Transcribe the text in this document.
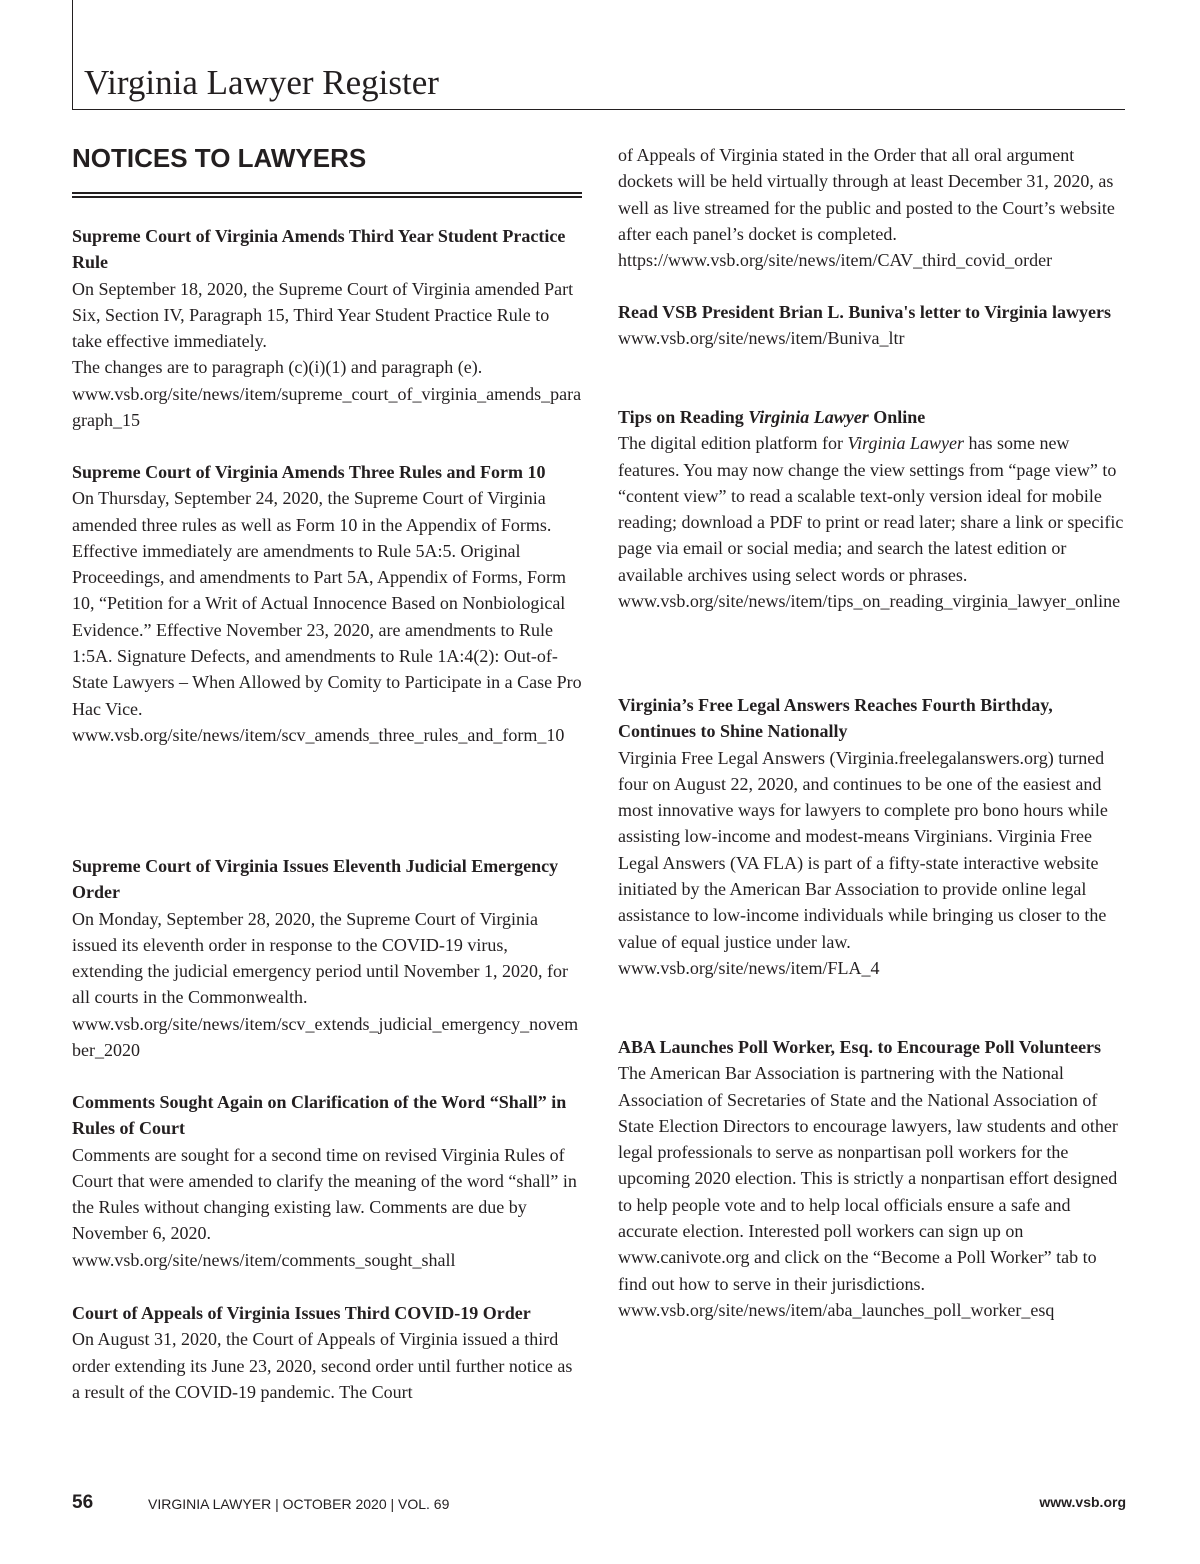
Virginia Lawyer Register
NOTICES TO LAWYERS
Supreme Court of Virginia Amends Third Year Student Practice Rule

On September 18, 2020, the Supreme Court of Virginia amended Part Six, Section IV, Paragraph 15, Third Year Student Practice Rule to take effective immediately.

The changes are to paragraph (c)(i)(1) and paragraph (e).

www.vsb.org/site/news/item/supreme_court_of_virginia_amends_paragraph_15
Supreme Court of Virginia Amends Three Rules and Form 10

On Thursday, September 24, 2020, the Supreme Court of Virginia amended three rules as well as Form 10 in the Appendix of Forms.

Effective immediately are amendments to Rule 5A:5. Original Proceedings, and amendments to Part 5A, Appendix of Forms, Form 10, “Petition for a Writ of Actual Innocence Based on Nonbiological Evidence.” Effective November 23, 2020, are amendments to Rule 1:5A. Signature Defects, and amendments to Rule 1A:4(2): Out-of-State Lawyers – When Allowed by Comity to Participate in a Case Pro Hac Vice.

www.vsb.org/site/news/item/scv_amends_three_rules_and_form_10
Supreme Court of Virginia Issues Eleventh Judicial Emergency Order

On Monday, September 28, 2020, the Supreme Court of Virginia issued its eleventh order in response to the COVID-19 virus, extending the judicial emergency period until November 1, 2020, for all courts in the Commonwealth.

www.vsb.org/site/news/item/scv_extends_judicial_emergency_november_2020
Comments Sought Again on Clarification of the Word “Shall” in Rules of Court

Comments are sought for a second time on revised Virginia Rules of Court that were amended to clarify the meaning of the word “shall” in the Rules without changing existing law. Comments are due by November 6, 2020.

www.vsb.org/site/news/item/comments_sought_shall
Court of Appeals of Virginia Issues Third COVID-19 Order

On August 31, 2020, the Court of Appeals of Virginia issued a third order extending its June 23, 2020, second order until further notice as a result of the COVID-19 pandemic. The Court

of Appeals of Virginia stated in the Order that all oral argument dockets will be held virtually through at least December 31, 2020, as well as live streamed for the public and posted to the Court’s website after each panel’s docket is completed.

https://www.vsb.org/site/news/item/CAV_third_covid_order
Read VSB President Brian L. Buniva's letter to Virginia lawyers
www.vsb.org/site/news/item/Buniva_ltr
Tips on Reading Virginia Lawyer Online

The digital edition platform for Virginia Lawyer has some new features. You may now change the view settings from “page view” to “content view” to read a scalable text-only version ideal for mobile reading; download a PDF to print or read later; share a link or specific page via email or social media; and search the latest edition or available archives using select words or phrases.

www.vsb.org/site/news/item/tips_on_reading_virginia_lawyer_online
Virginia’s Free Legal Answers Reaches Fourth Birthday, Continues to Shine Nationally

Virginia Free Legal Answers (Virginia.freelegalanswers.org) turned four on August 22, 2020, and continues to be one of the easiest and most innovative ways for lawyers to complete pro bono hours while assisting low-income and modest-means Virginians. Virginia Free Legal Answers (VA FLA) is part of a fifty-state interactive website initiated by the American Bar Association to provide online legal assistance to low-income individuals while bringing us closer to the value of equal justice under law.

www.vsb.org/site/news/item/FLA_4
ABA Launches Poll Worker, Esq. to Encourage Poll Volunteers

The American Bar Association is partnering with the National Association of Secretaries of State and the National Association of State Election Directors to encourage lawyers, law students and other legal professionals to serve as nonpartisan poll workers for the upcoming 2020 election. This is strictly a nonpartisan effort designed to help people vote and to help local officials ensure a safe and accurate election. Interested poll workers can sign up on www.canivote.org and click on the “Become a Poll Worker” tab to find out how to serve in their jurisdictions.

www.vsb.org/site/news/item/aba_launches_poll_worker_esq
56	VIRGINIA LAWYER | OCTOBER 2020 | VOL. 69	www.vsb.org
